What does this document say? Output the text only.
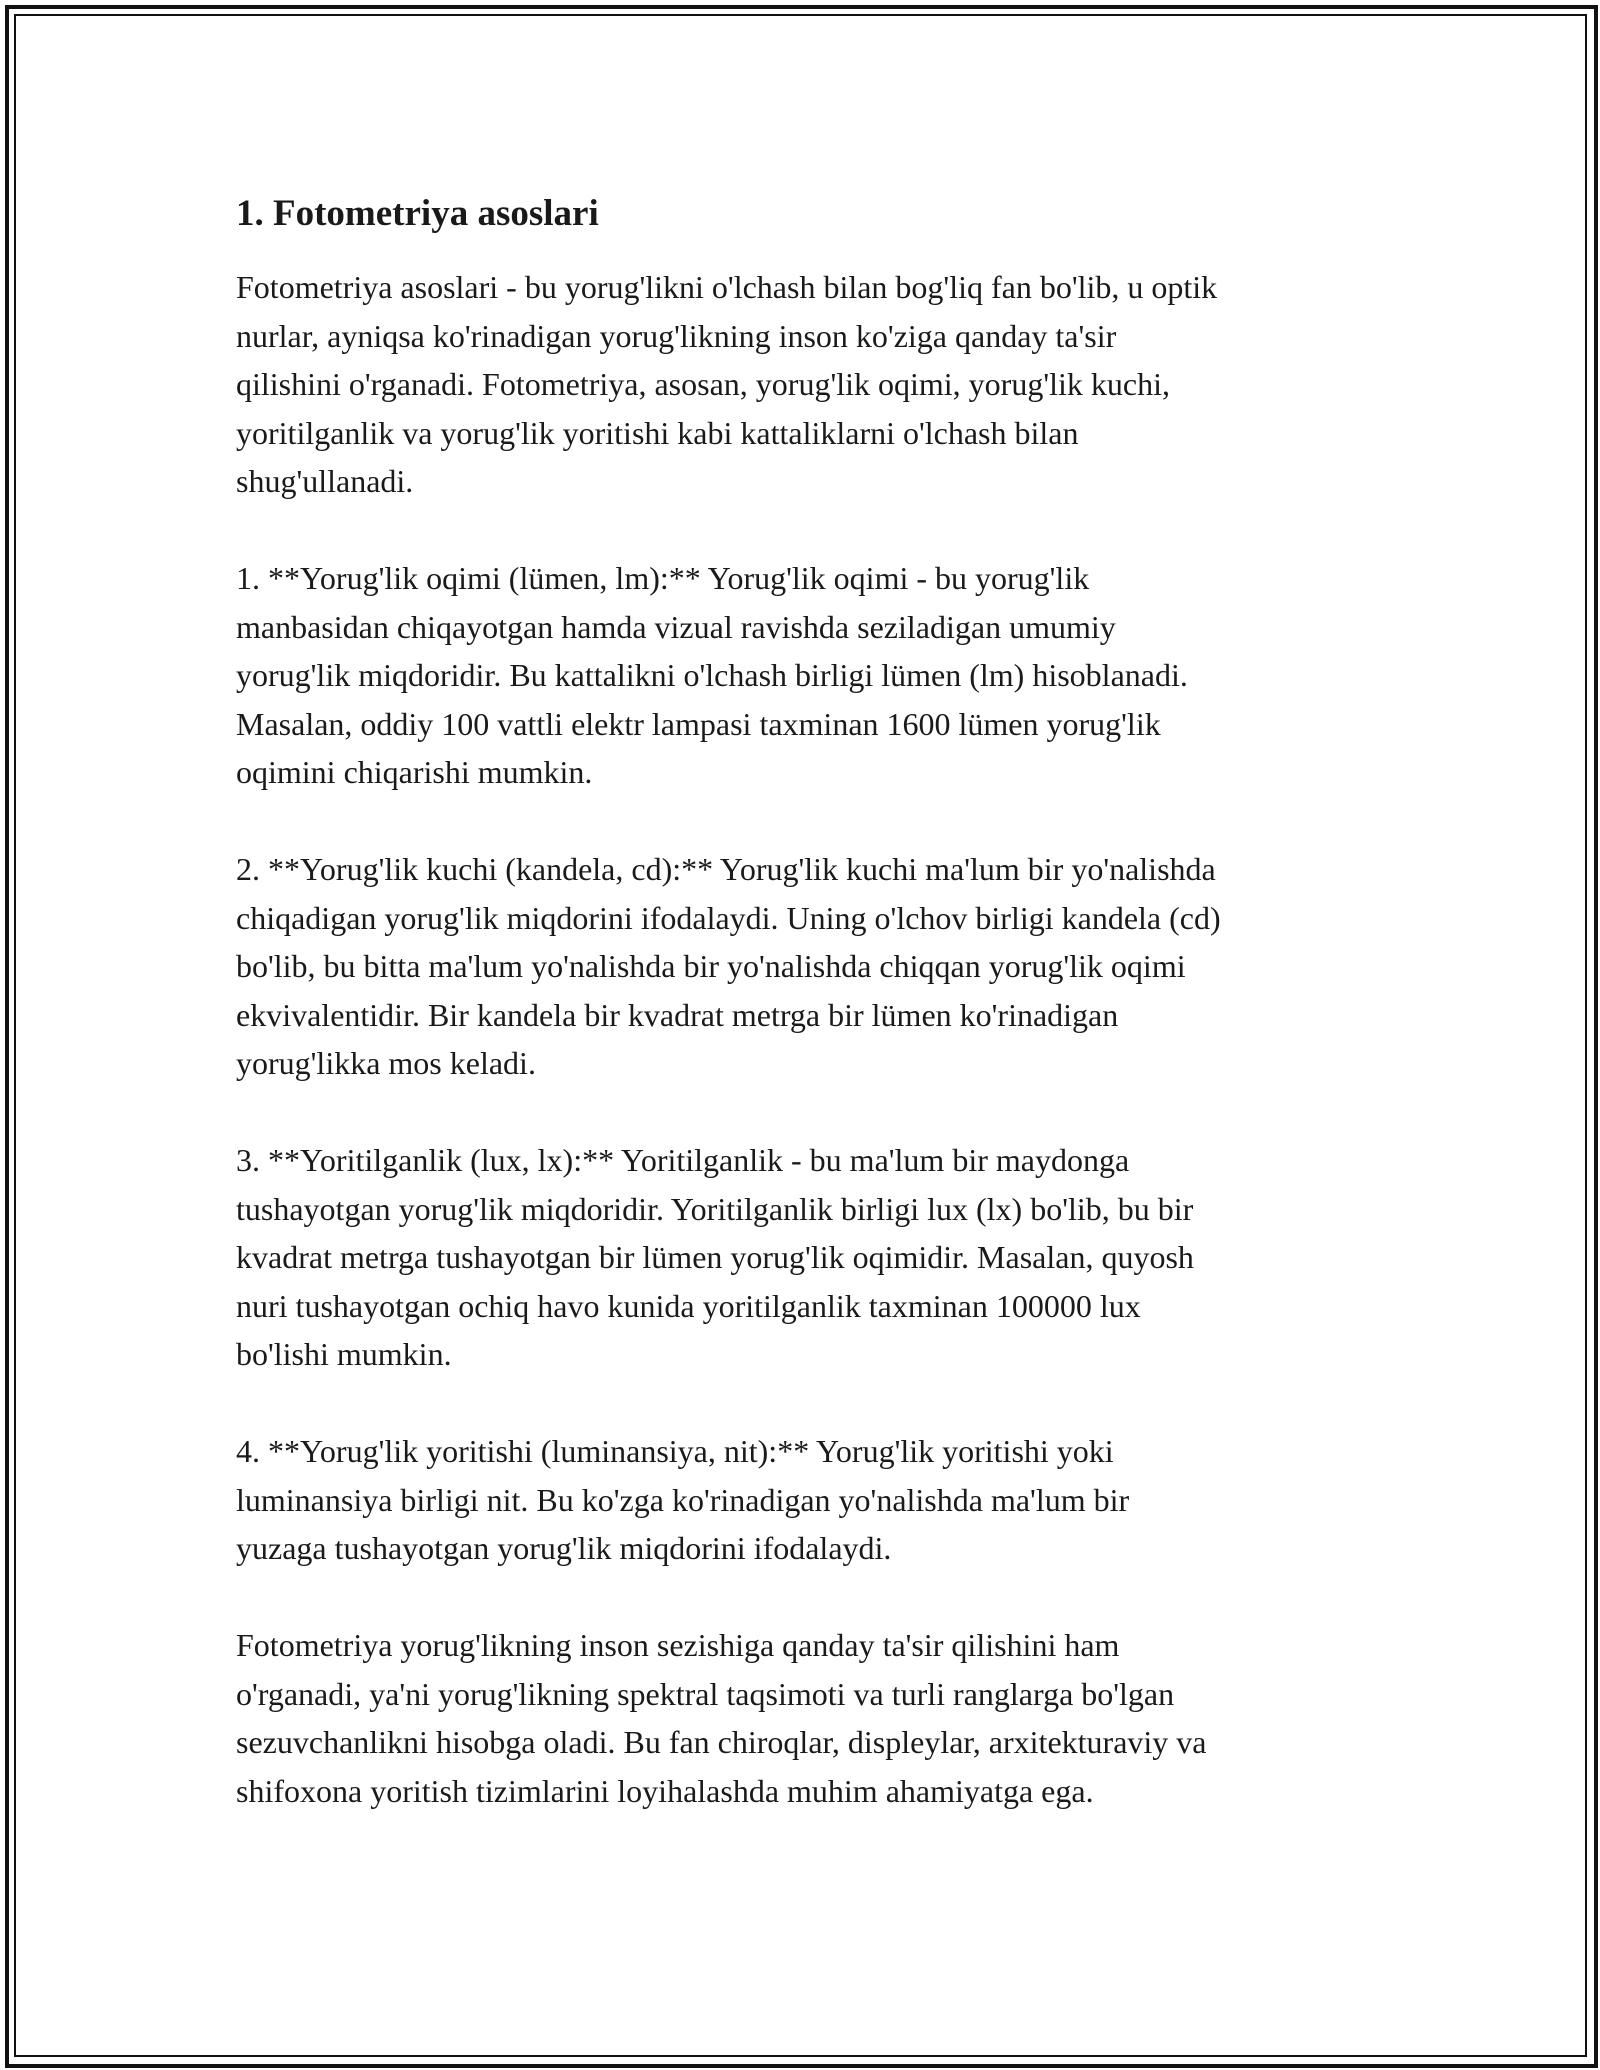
1. Fotometriya asoslari

Fotometriya asoslari - bu yorug'likni o'lchash bilan bog'liq fan bo'lib, u optik
nurlar, ayniqsa ko'rinadigan yorug'likning inson ko'ziga qanday ta'sir
qilishini o'rganadi. Fotometriya, asosan, yorug'lik oqimi, yorug'lik kuchi,
yoritilganlik va yorug'lik yoritishi kabi kattaliklarni o'lchash bilan
shug'ullanadi.

1. **Yorug'lik oqimi (lümen, lm):** Yorug'lik oqimi - bu yorug'lik
manbasidan chiqayotgan hamda vizual ravishda seziladigan umumiy
yorug'lik miqdoridir. Bu kattalikni o'lchash birligi lümen (lm) hisoblanadi.
Masalan, oddiy 100 vattli elektr lampasi taxminan 1600 lümen yorug'lik
oqimini chiqarishi mumkin.

2. **Yorug'lik kuchi (kandela, cd):** Yorug'lik kuchi ma'lum bir yo'nalishda
chiqadigan yorug'lik miqdorini ifodalaydi. Uning o'lchov birligi kandela (cd)
bo'lib, bu bitta ma'lum yo'nalishda bir yo'nalishda chiqqan yorug'lik oqimi
ekvivalentidir. Bir kandela bir kvadrat metrga bir lümen ko'rinadigan
yorug'likka mos keladi.

3. **Yoritilganlik (lux, lx):** Yoritilganlik - bu ma'lum bir maydonga
tushayotgan yorug'lik miqdoridir. Yoritilganlik birligi lux (lx) bo'lib, bu bir
kvadrat metrga tushayotgan bir lümen yorug'lik oqimidir. Masalan, quyosh
nuri tushayotgan ochiq havo kunida yoritilganlik taxminan 100000 lux
bo'lishi mumkin.

4. **Yorug'lik yoritishi (luminansiya, nit):** Yorug'lik yoritishi yoki
luminansiya birligi nit. Bu ko'zga ko'rinadigan yo'nalishda ma'lum bir
yuzaga tushayotgan yorug'lik miqdorini ifodalaydi.

Fotometriya yorug'likning inson sezishiga qanday ta'sir qilishini ham
o'rganadi, ya'ni yorug'likning spektral taqsimoti va turli ranglarga bo'lgan
sezuvchanlikni hisobga oladi. Bu fan chiroqlar, displeylar, arxitekturaviy va
shifoxona yoritish tizimlarini loyihalashda muhim ahamiyatga ega.
